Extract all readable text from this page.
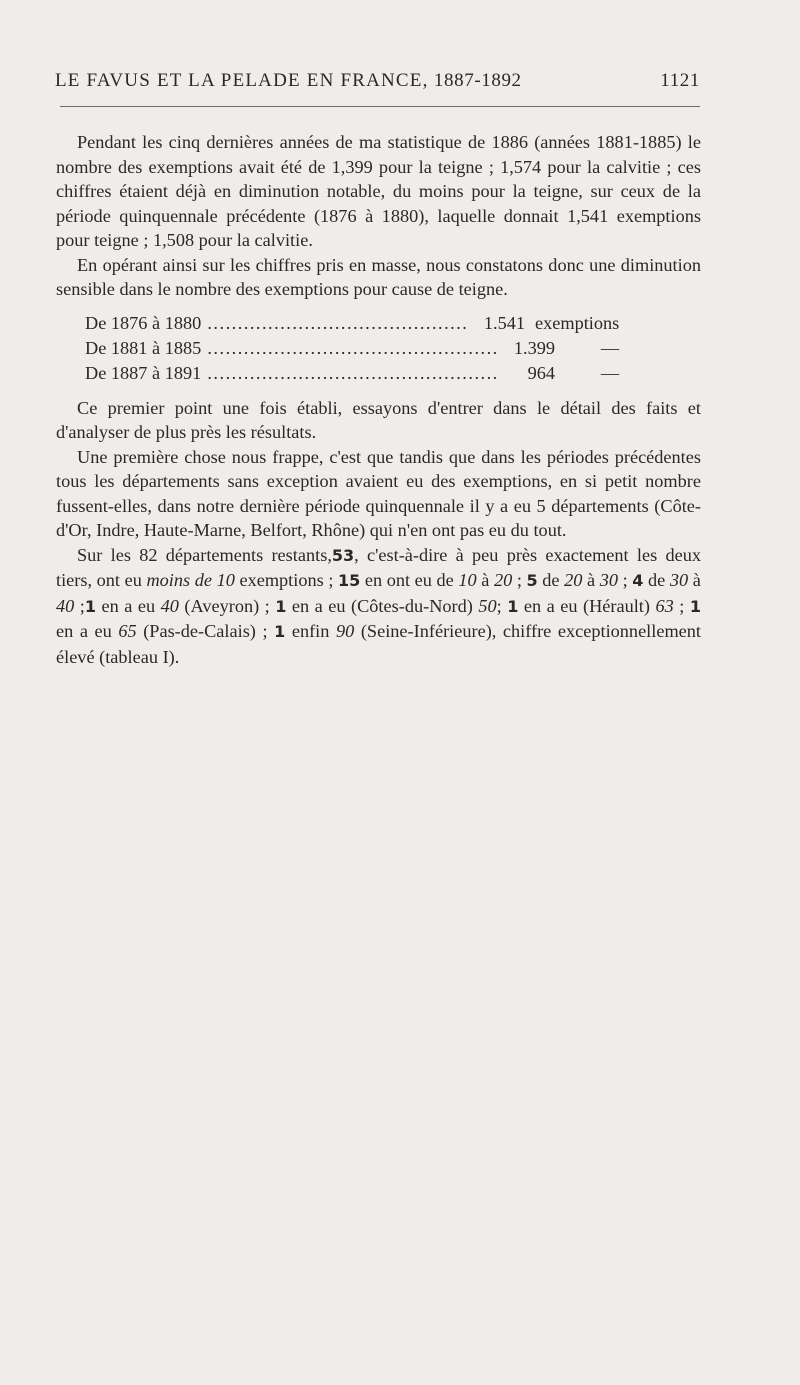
LE FAVUS ET LA PELADE EN FRANCE, 1887-1892	1121

Pendant les cinq dernières années de ma statistique de 1886 (années 1881-1885) le nombre des exemptions avait été de 1,399 pour la teigne ; 1,574 pour la calvitie ; ces chiffres étaient déjà en diminution notable, du moins pour la teigne, sur ceux de la période quinquennale précédente (1876 à 1880), laquelle donnait 1,541 exemptions pour teigne ; 1,508 pour la calvitie.

En opérant ainsi sur les chiffres pris en masse, nous constatons donc une diminution sensible dans le nombre des exemptions pour cause de teigne.

De 1876 à 1880 .....	1.541 exemptions
De 1881 à 1885 .....	1.399	—
De 1887 à 1891 .....	964	—

Ce premier point une fois établi, essayons d'entrer dans le détail des faits et d'analyser de plus près les résultats.

Une première chose nous frappe, c'est que tandis que dans les périodes précédentes tous les départements sans exception avaient eu des exemptions, en si petit nombre fussent-elles, dans notre dernière période quinquennale il y a eu 5 départements (Côte-d'Or, Indre, Haute-Marne, Belfort, Rhône) qui n'en ont pas eu du tout.

Sur les 82 départements restants,53, c'est-à-dire à peu près exactement les deux tiers, ont eu moins de 10 exemptions ; 15 en ont eu de 10 à 20 ; 5 de 20 à 30 ; 4 de 30 à 40 ;1 en a eu 40 (Aveyron) ; 1 en a eu (Côtes-du-Nord) 50; 1 en a eu (Hérault) 63 ; 1 en a eu 65 (Pas-de-Calais) ; 1 enfin 90 (Seine-Inférieure), chiffre exceptionnellement élevé (tableau I).
